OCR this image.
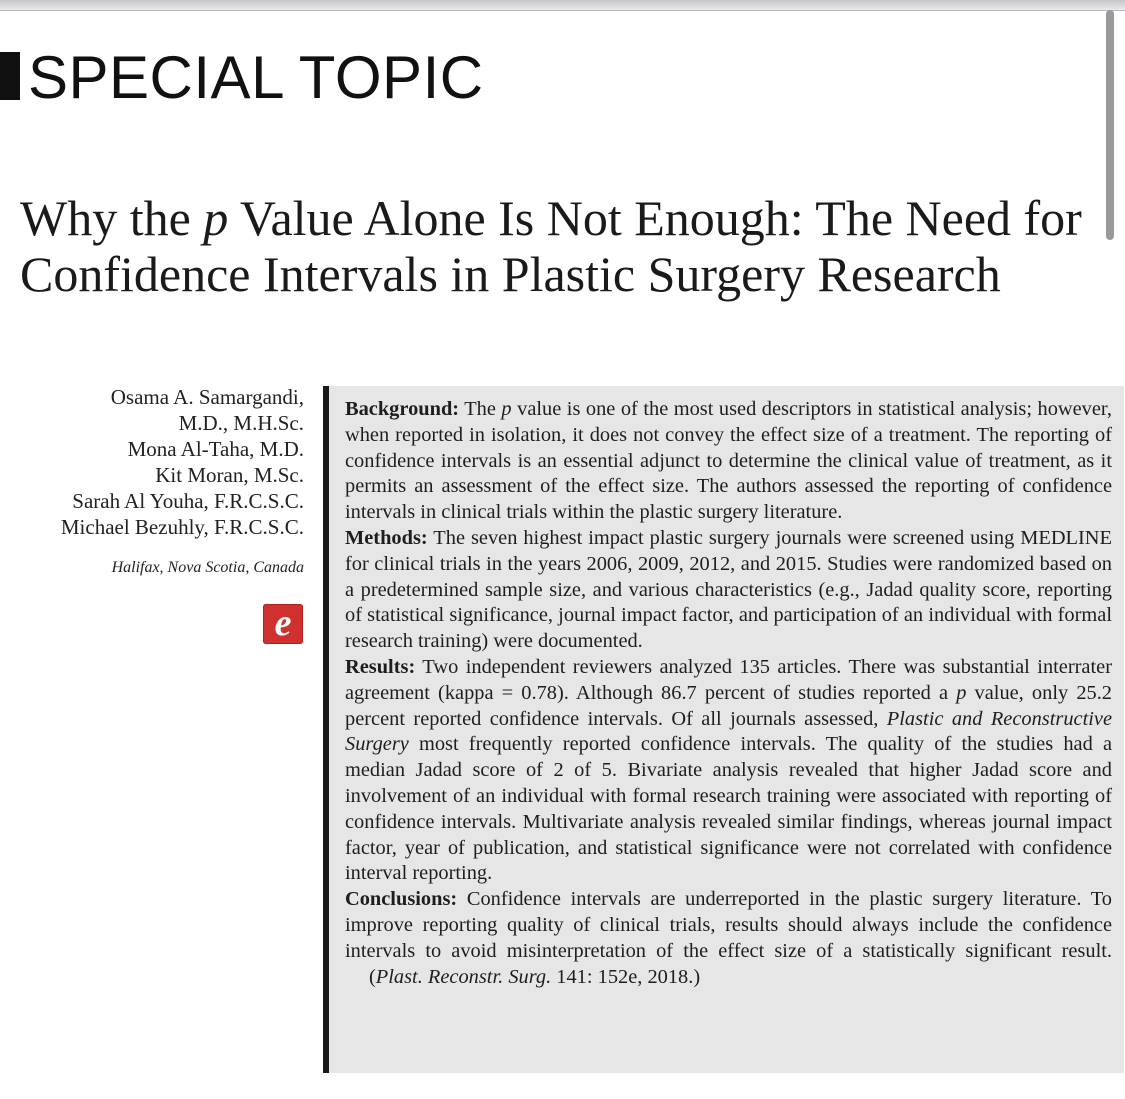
SPECIAL TOPIC
Why the p Value Alone Is Not Enough: The Need for Confidence Intervals in Plastic Surgery Research
Osama A. Samargandi,
M.D., M.H.Sc.
Mona Al-Taha, M.D.
Kit Moran, M.Sc.
Sarah Al Youha, F.R.C.S.C.
Michael Bezuhly, F.R.C.S.C.
Halifax, Nova Scotia, Canada
e

Background: The p value is one of the most used descriptors in statistical analysis; however, when reported in isolation, it does not convey the effect size of a treatment. The reporting of confidence intervals is an essential adjunct to determine the clinical value of treatment, as it permits an assessment of the effect size. The authors assessed the reporting of confidence intervals in clinical trials within the plastic surgery literature.
Methods: The seven highest impact plastic surgery journals were screened using MEDLINE for clinical trials in the years 2006, 2009, 2012, and 2015. Studies were randomized based on a predetermined sample size, and various characteristics (e.g., Jadad quality score, reporting of statistical significance, journal impact factor, and participation of an individual with formal research training) were documented.
Results: Two independent reviewers analyzed 135 articles. There was substantial interrater agreement (kappa = 0.78). Although 86.7 percent of studies reported a p value, only 25.2 percent reported confidence intervals. Of all journals assessed, Plastic and Reconstructive Surgery most frequently reported confidence intervals. The quality of the studies had a median Jadad score of 2 of 5. Bivariate analysis revealed that higher Jadad score and involvement of an individual with formal research training were associated with reporting of confidence intervals. Multivariate analysis revealed similar findings, whereas journal impact factor, year of publication, and statistical significance were not correlated with confidence interval reporting.
Conclusions: Confidence intervals are underreported in the plastic surgery literature. To improve reporting quality of clinical trials, results should always include the confidence intervals to avoid misinterpretation of the effect size of a statistically significant result.(Plast. Reconstr. Surg. 141: 152e, 2018.)
